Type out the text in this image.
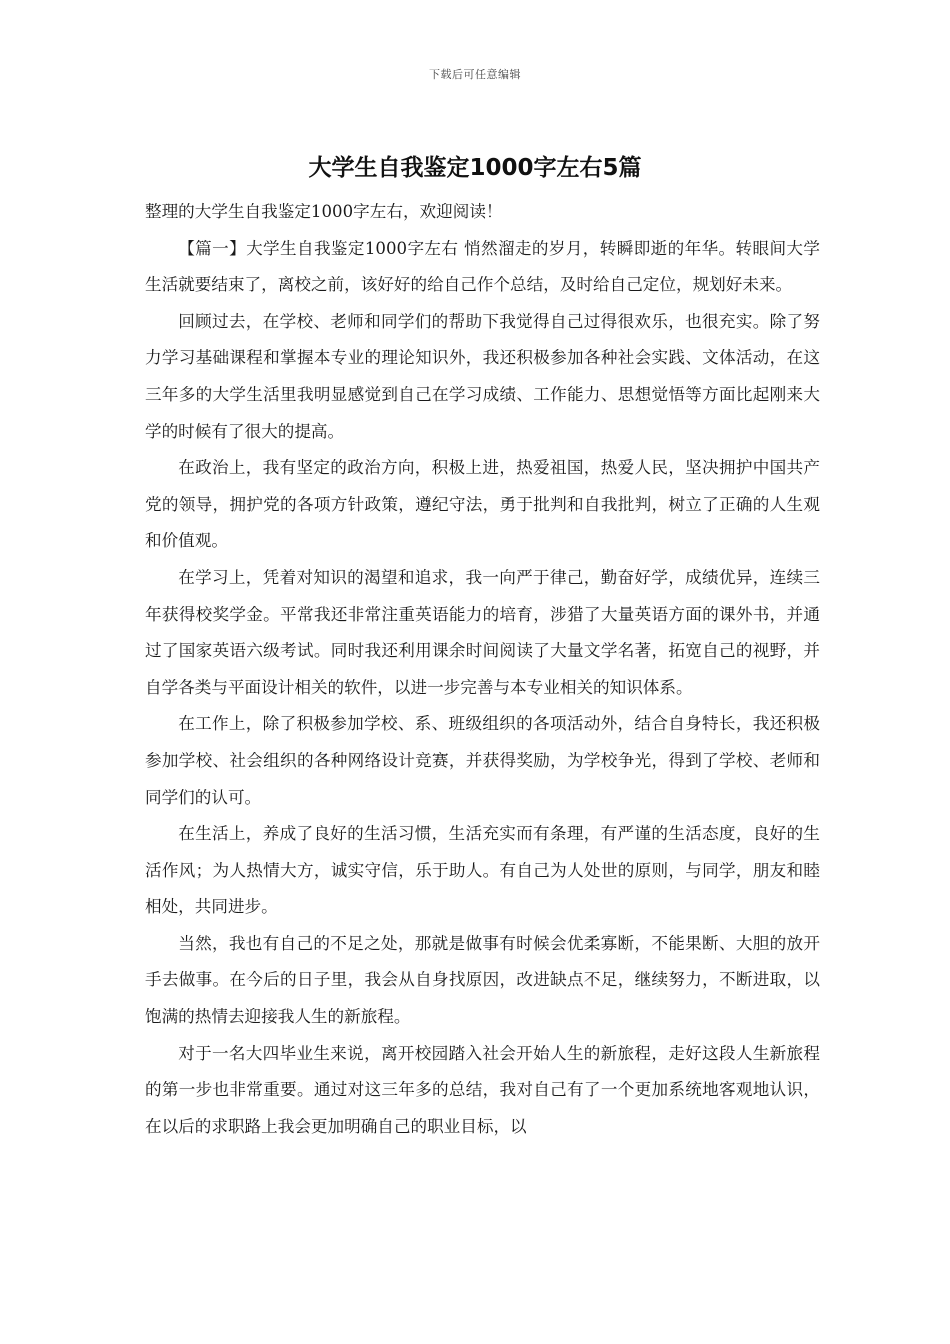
下载后可任意编辑
大学生自我鉴定1000字左右5篇

整理的大学生自我鉴定1000字左右，欢迎阅读！

【篇一】大学生自我鉴定1000字左右 悄然溜走的岁月，转瞬即逝的年华。转眼间大学生活就要结束了，离校之前，该好好的给自己作个总结，及时给自己定位，规划好未来。

回顾过去，在学校、老师和同学们的帮助下我觉得自己过得很欢乐，也很充实。除了努力学习基础课程和掌握本专业的理论知识外，我还积极参加各种社会实践、文体活动，在这三年多的大学生活里我明显感觉到自己在学习成绩、工作能力、思想觉悟等方面比起刚来大学的时候有了很大的提高。

在政治上，我有坚定的政治方向，积极上进，热爱祖国，热爱人民，坚决拥护中国共产党的领导，拥护党的各项方针政策，遵纪守法，勇于批判和自我批判，树立了正确的人生观和价值观。

在学习上，凭着对知识的渴望和追求，我一向严于律己，勤奋好学，成绩优异，连续三年获得校奖学金。平常我还非常注重英语能力的培育，涉猎了大量英语方面的课外书，并通过了国家英语六级考试。同时我还利用课余时间阅读了大量文学名著，拓宽自己的视野，并自学各类与平面设计相关的软件，以进一步完善与本专业相关的知识体系。

在工作上，除了积极参加学校、系、班级组织的各项活动外，结合自身特长，我还积极参加学校、社会组织的各种网络设计竞赛，并获得奖励，为学校争光，得到了学校、老师和同学们的认可。

在生活上，养成了良好的生活习惯，生活充实而有条理，有严谨的生活态度，良好的生活作风；为人热情大方，诚实守信，乐于助人。有自己为人处世的原则，与同学，朋友和睦相处，共同进步。

当然，我也有自己的不足之处，那就是做事有时候会优柔寡断，不能果断、大胆的放开手去做事。在今后的日子里，我会从自身找原因，改进缺点不足，继续努力，不断进取，以饱满的热情去迎接我人生的新旅程。

对于一名大四毕业生来说，离开校园踏入社会开始人生的新旅程，走好这段人生新旅程的第一步也非常重要。通过对这三年多的总结，我对自己有了一个更加系统地客观地认识，在以后的求职路上我会更加明确自己的职业目标，以
